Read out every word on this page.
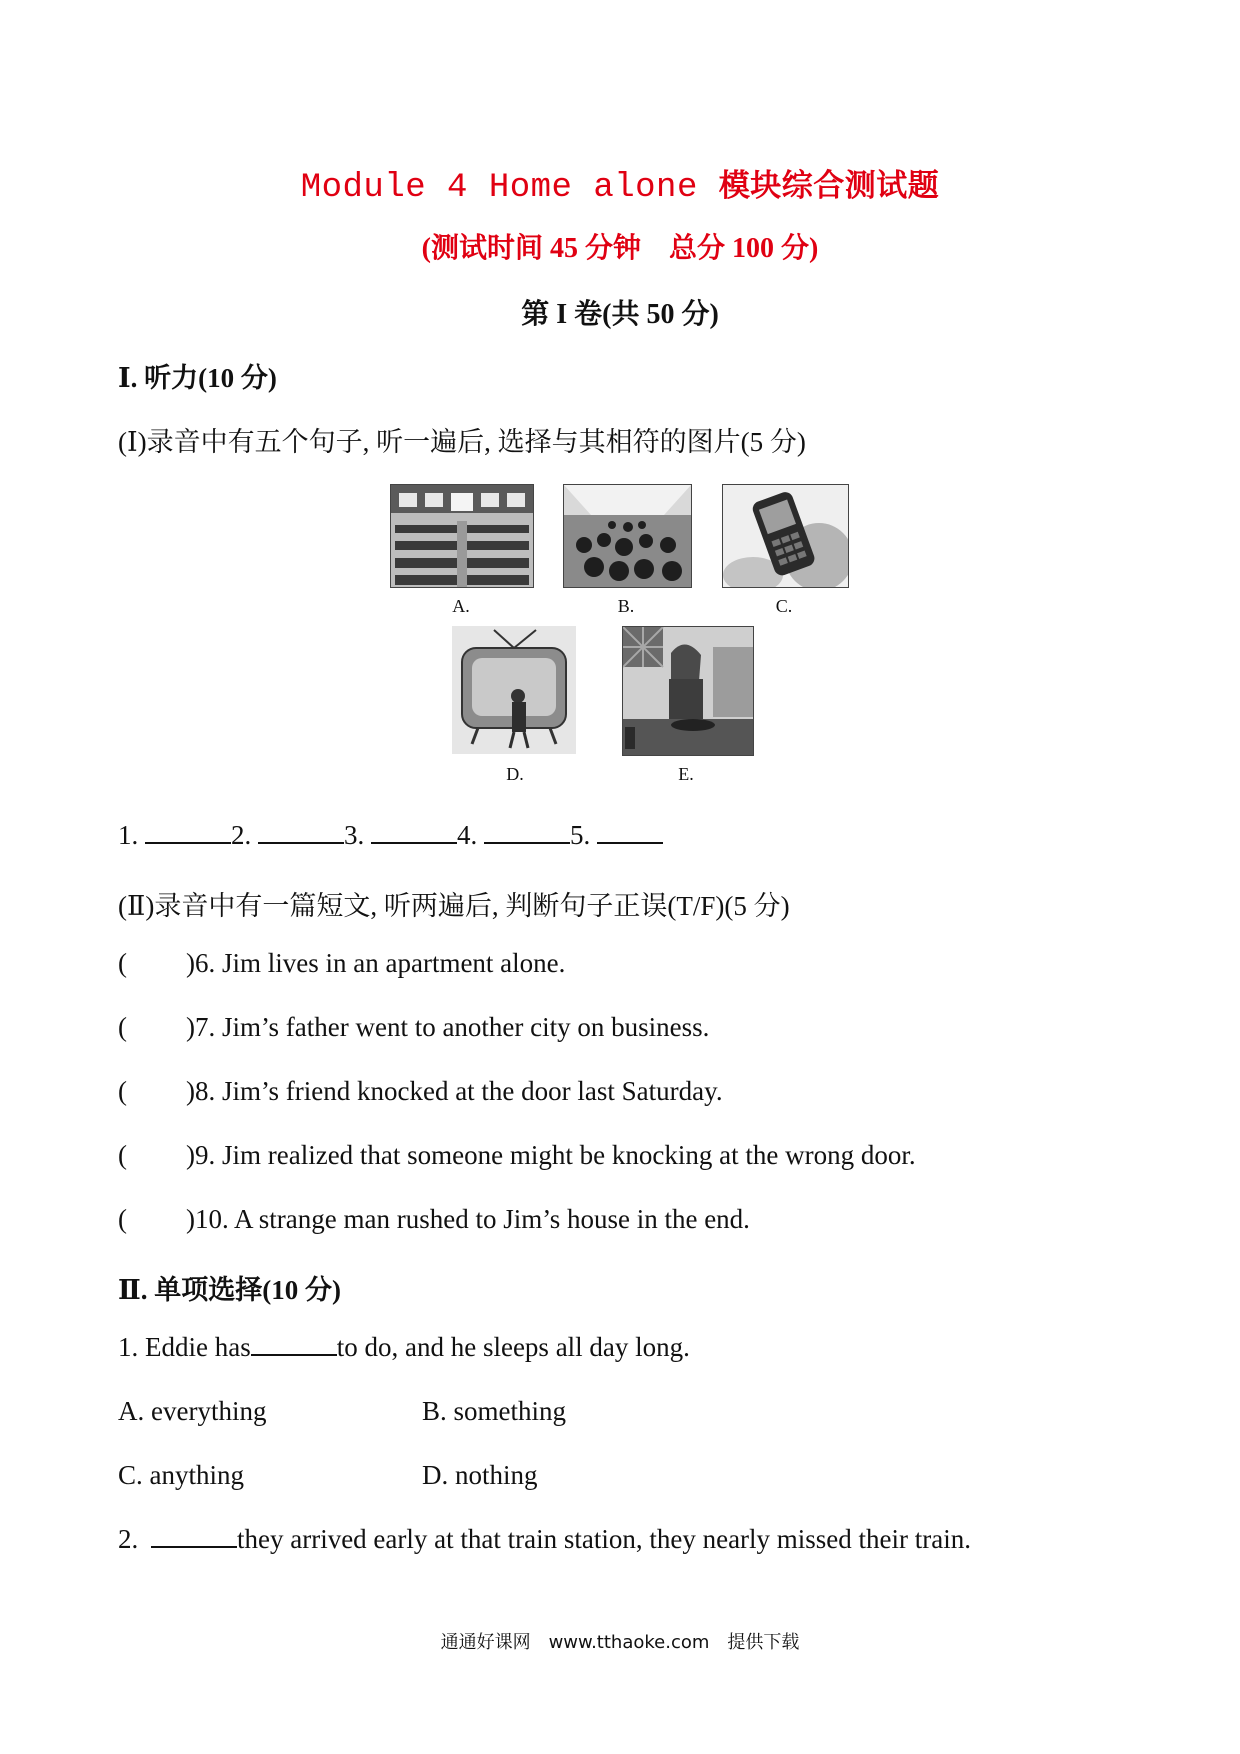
Module 4 Home alone 模块综合测试题
(测试时间 45 分钟　总分 100 分)
第 I 卷(共 50 分)
Ⅰ. 听力(10 分)
(Ⅰ)录音中有五个句子, 听一遍后, 选择与其相符的图片(5 分)
A.	B.	C.
D.	E.
1.	2.	3.	4.	5.
(Ⅱ)录音中有一篇短文, 听两遍后, 判断句子正误(T/F)(5 分)
( )6. Jim lives in an apartment alone.
( )7. Jim’s father went to another city on business.
( )8. Jim’s friend knocked at the door last Saturday.
( )9. Jim realized that someone might be knocking at the wrong door.
( )10. A strange man rushed to Jim’s house in the end.
Ⅱ. 单项选择(10 分)
1. Eddie has	to do, and he sleeps all day long.
A. everything	B. something
C. anything	D. nothing
2.	they arrived early at that train station, they nearly missed their train.
通通好课网　www.tthaoke.com　提供下载
